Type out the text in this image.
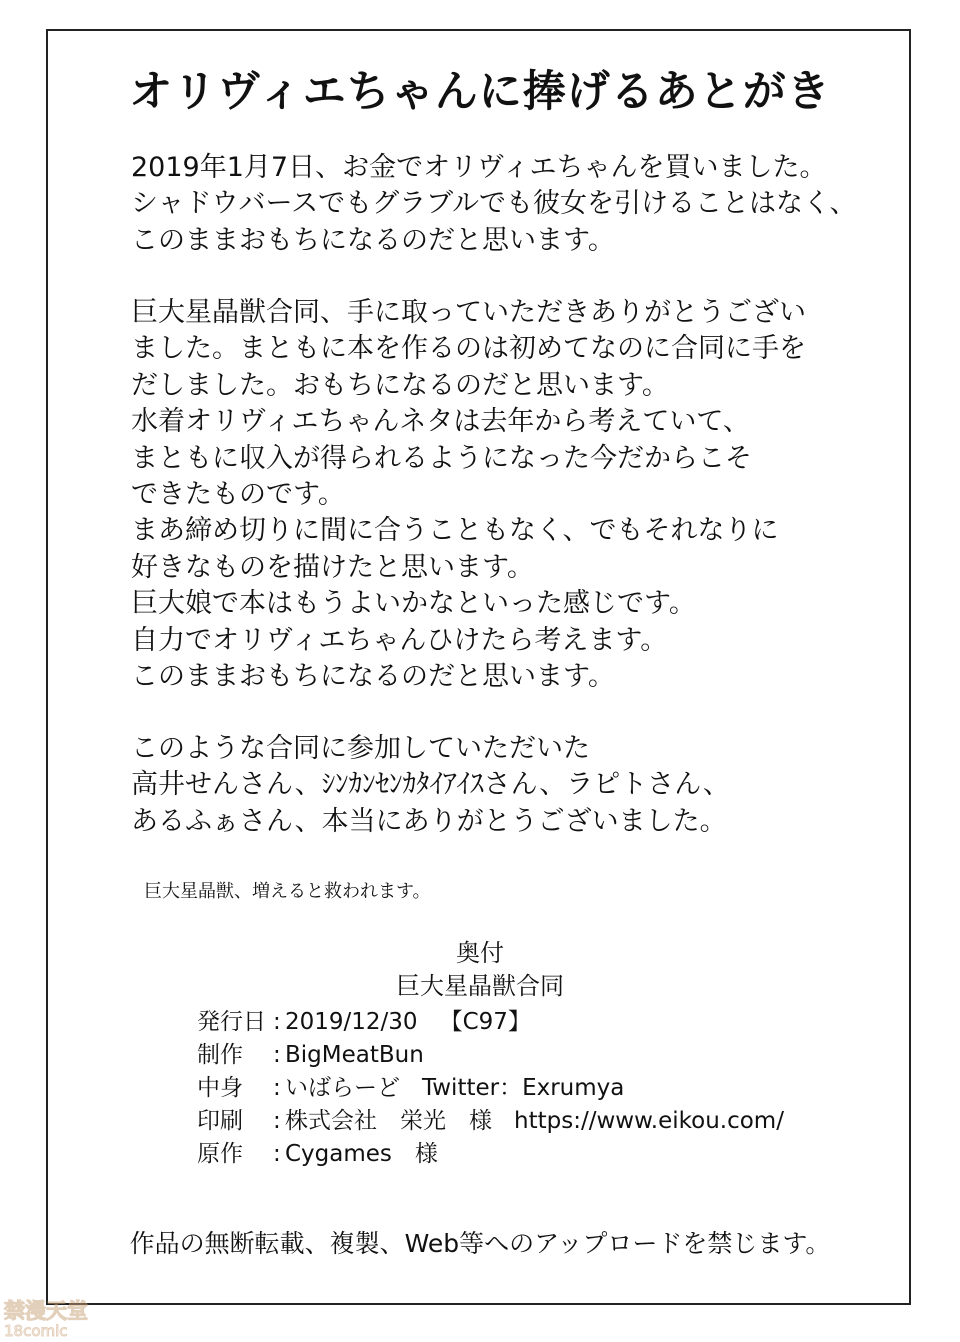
オリヴィエちゃんに捧げるあとがき
2019年1月7日、お金でオリヴィエちゃんを買いました。
シャドウバースでもグラブルでも彼女を引けることはなく、
このままおもちになるのだと思います。
巨大星晶獣合同、手に取っていただきありがとうござい
ました。まともに本を作るのは初めてなのに合同に手を
だしました。おもちになるのだと思います。
水着オリヴィエちゃんネタは去年から考えていて、
まともに収入が得られるようになった今だからこそ
できたものです。
まあ締め切りに間に合うこともなく、でもそれなりに
好きなものを描けたと思います。
巨大娘で本はもうよいかなといった感じです。
自力でオリヴィエちゃんひけたら考えます。
このままおもちになるのだと思います。
このような合同に参加していただいた
高井せんさん、ｼﾝｶﾝｾﾝｶﾀｲｱｲｽさん、ラピトさん、
あるふぁさん、本当にありがとうございました。
巨大星晶獣、増えると救われます。
奥付
巨大星晶獣合同
発行日 : 2019/12/30 【C97】
制作 : BigMeatBun
中身 : いばらーど Twitter：Exrumya
印刷 : 株式会社　栄光　様 https://www.eikou.com/
原作 : Cygames　様
作品の無断転載、複製、Web等へのアップロードを禁じます。
禁漫天堂
18comic
